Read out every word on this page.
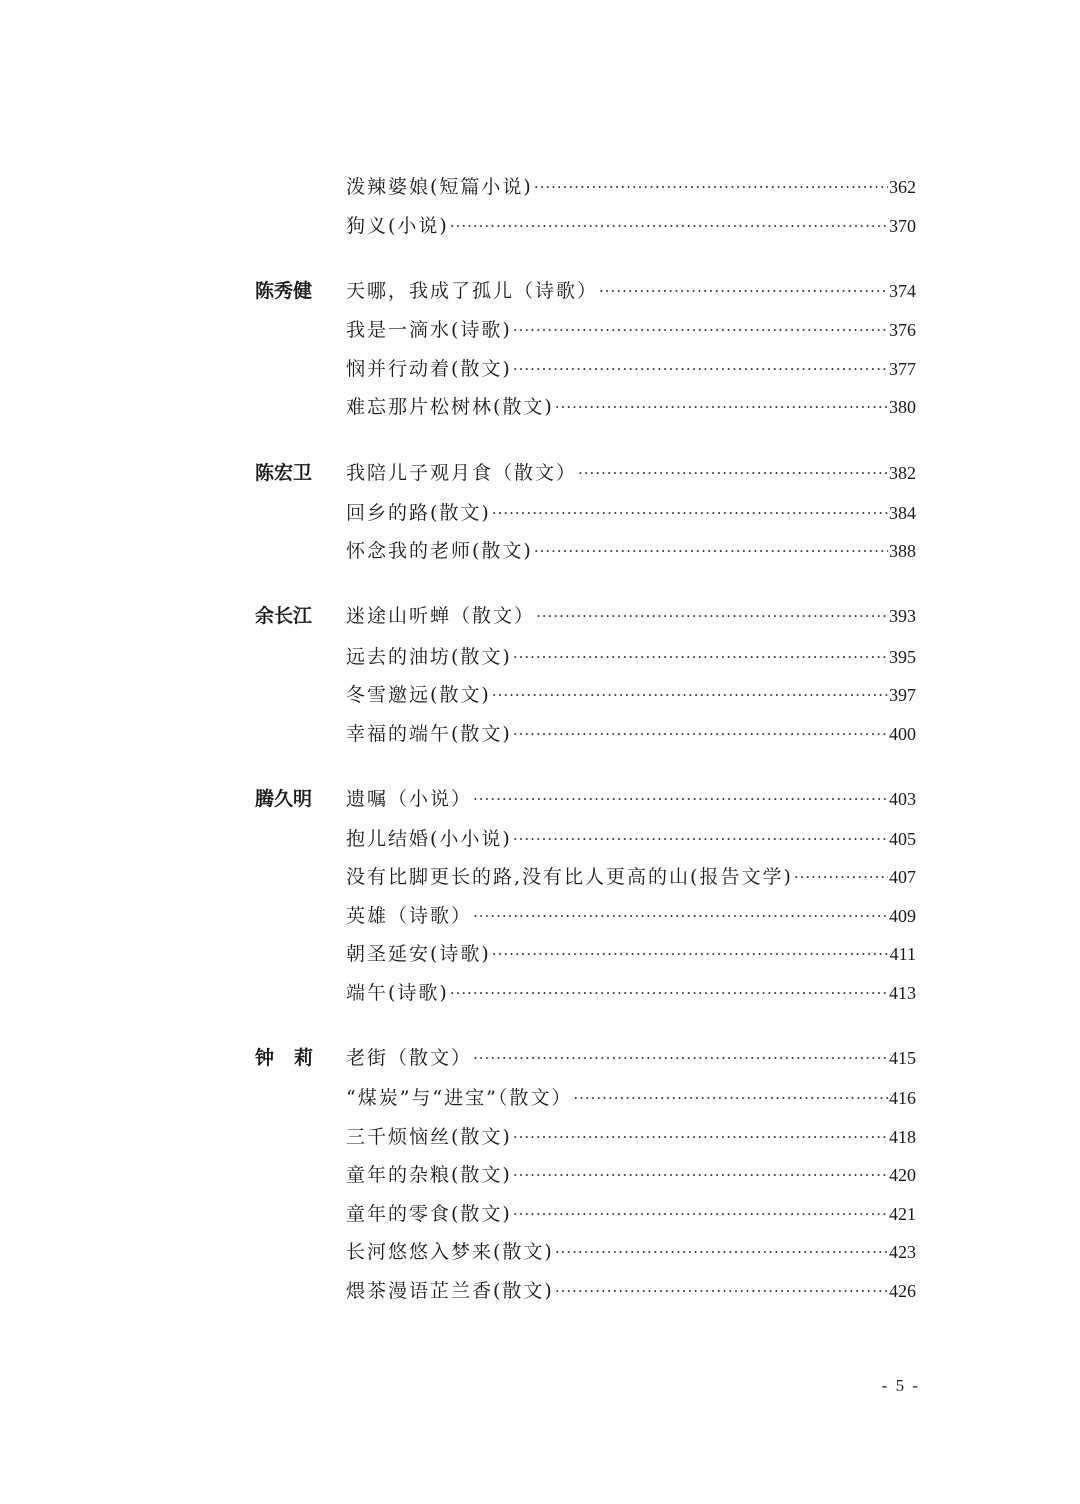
泼辣婆娘(短篇小说) ·····	362
狗义(小说) ·····	370
陈秀健	天哪，我成了孤儿（诗歌） ·····	374
我是一滴水(诗歌) ·····	376
悯并行动着(散文) ·····	377
难忘那片松树林(散文) ·····	380
陈宏卫	我陪儿子观月食（散文） ·····	382
回乡的路(散文) ·····	384
怀念我的老师(散文) ·····	388
余长江	迷途山听蝉（散文） ·····	393
远去的油坊(散文) ·····	395
冬雪邀远(散文) ·····	397
幸福的端午(散文) ·····	400
腾久明	遗嘱（小说） ·····	403
抱儿结婚(小小说) ·····	405
没有比脚更长的路,没有比人更高的山(报告文学) ·····	407
英雄（诗歌） ·····	409
朝圣延安(诗歌) ·····	411
端午(诗歌) ·····	413
钟莉 老街（散文） ·····	415
“煤炭”与“进宝”（散文） ·····	416
三千烦恼丝(散文) ·····	418
童年的杂粮(散文) ·····	420
童年的零食(散文) ·····	421
长河悠悠入梦来(散文) ·····	423
煨茶漫语芷兰香(散文) ·····	426
- 5 -
